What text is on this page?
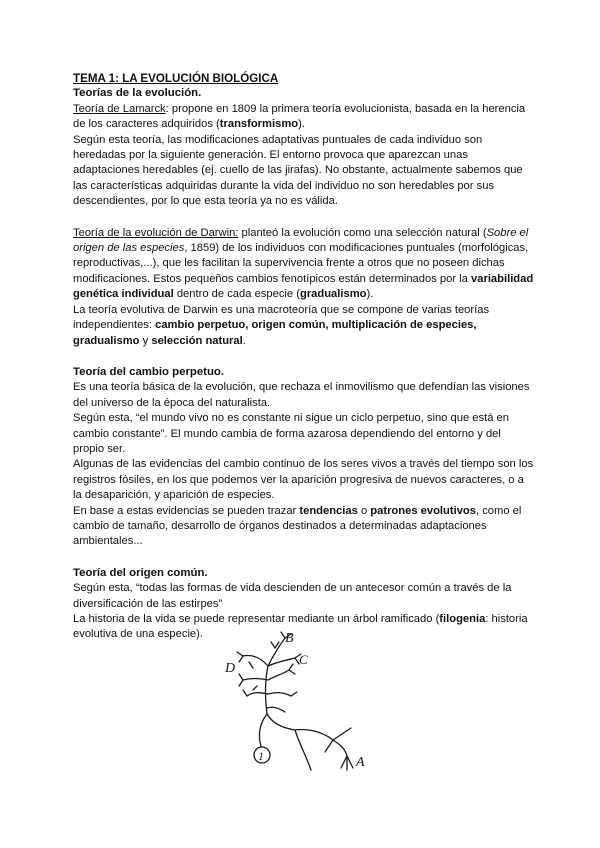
TEMA 1: LA EVOLUCIÓN BIOLÓGICA

Teorías de la evolución.

Teoría de Lamarck: propone en 1809 la primera teoría evolucionista, basada en la herencia de los caracteres adquiridos (transformismo).

Según esta teoría, las modificaciones adaptativas puntuales de cada individuo son heredadas por la siguiente generación. El entorno provoca que aparezcan unas adaptaciones heredables (ej. cuello de las jirafas). No obstante, actualmente sabemos que las características adquiridas durante la vida del individuo no son heredables por sus descendientes, por lo que esta teoría ya no es válida.

Teoría de la evolución de Darwin: planteó la evolución como una selección natural (Sobre el origen de las especies, 1859) de los individuos con modificaciones puntuales (morfológicas, reproductivas,...), que les facilitan la supervivencia frente a otros que no poseen dichas modificaciones. Estos pequeños cambios fenotípicos están determinados por la variabilidad genética individual dentro de cada especie (gradualismo).

La teoría evolutiva de Darwin es una macroteoría que se compone de varias teorías independientes: cambio perpetuo, origen común, multiplicación de especies, gradualismo y selección natural.

Teoría del cambio perpetuo.

Es una teoría básica de la evolución, que rechaza el inmovilismo que defendían las visiones del universo de la época del naturalista.

Según esta, “el mundo vivo no es constante ni sigue un ciclo perpetuo, sino que está en cambio constante”. El mundo cambia de forma azarosa dependiendo del entorno y del propio ser.

Algunas de las evidencias del cambio continuo de los seres vivos a través del tiempo son los registros fósiles, en los que podemos ver la aparición progresiva de nuevos caracteres, o a la desaparición, y aparición de especies.

En base a estas evidencias se pueden trazar tendencias o patrones evolutivos, como el cambio de tamaño, desarrollo de órganos destinados a determinadas adaptaciones ambientales...

Teoría del origen común.

Según esta, “todas las formas de vida descienden de un antecesor común a través de la diversificación de las estirpes”

La historia de la vida se puede representar mediante un árbol ramificado (filogenia: historia evolutiva de una especie).	B
C
D
A
1
